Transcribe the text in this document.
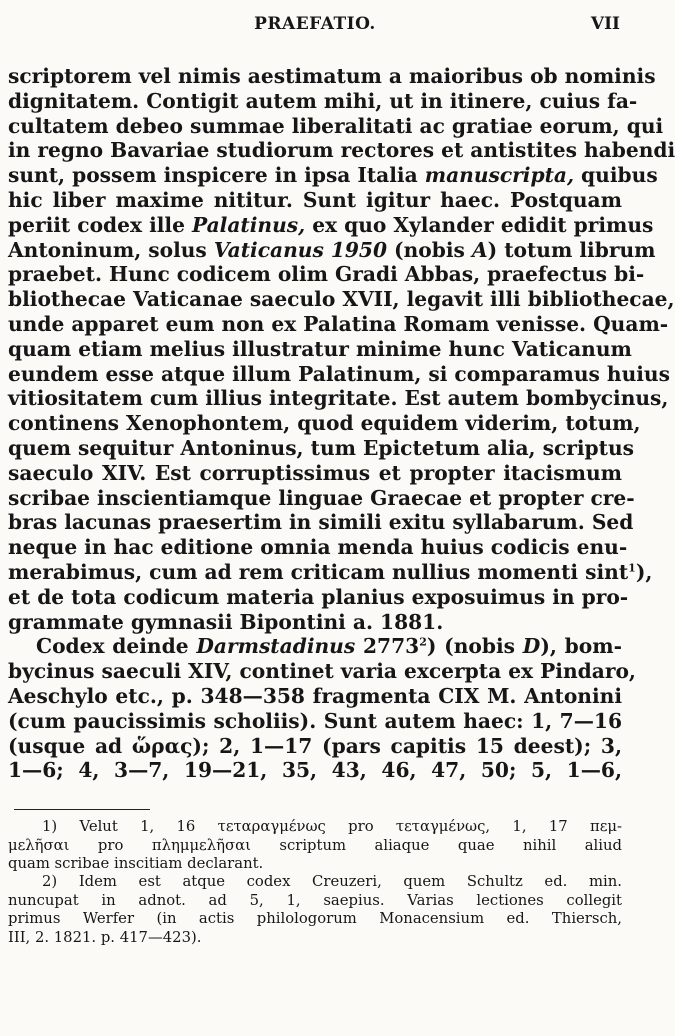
PRAEFATIO.	VII
scriptorem vel nimis aestimatum a maioribus ob nominis
dignitatem. Contigit autem mihi, ut in itinere, cuius fa-
cultatem debeo summae liberalitati ac gratiae eorum, qui
in regno Bavariae studiorum rectores et antistites habendi
sunt, possem inspicere in ipsa Italia manuscripta, quibus
hic liber maxime nititur. Sunt igitur haec. Postquam
periit codex ille Palatinus, ex quo Xylander edidit primus
Antoninum, solus Vaticanus 1950 (nobis A) totum librum
praebet. Hunc codicem olim Gradi Abbas, praefectus bi-
bliothecae Vaticanae saeculo XVII, legavit illi bibliothecae,
unde apparet eum non ex Palatina Romam venisse. Quam-
quam etiam melius illustratur minime hunc Vaticanum
eundem esse atque illum Palatinum, si comparamus huius
vitiositatem cum illius integritate. Est autem bombycinus,
continens Xenophontem, quod equidem viderim, totum,
quem sequitur Antoninus, tum Epictetum alia, scriptus
saeculo XIV. Est corruptissimus et propter itacismum
scribae inscientiamque linguae Graecae et propter cre-
bras lacunas praesertim in simili exitu syllabarum. Sed
neque in hac editione omnia menda huius codicis enu-
merabimus, cum ad rem criticam nullius momenti sint$^1$),
et de tota codicum materia planius exposuimus in pro-
grammate gymnasii Bipontini a. 1881.
Codex deinde Darmstadinus 2773$^2$) (nobis D), bom-
bycinus saeculi XIV, continet varia excerpta ex Pindaro,
Aeschylo etc., p. 348—358 fragmenta CIX M. Antonini
(cum paucissimis scholiis). Sunt autem haec: 1, 7—16
(usque ad ὥρας); 2, 1—17 (pars capitis 15 deest); 3,
1—6; 4, 3—7, 19—21, 35, 43, 46, 47, 50; 5, 1—6,
1) Velut 1, 16 τεταραγμένως pro τεταγμένως, 1, 17 πεμ-
μελῆσαι pro πλημμελῆσαι scriptum aliaque quae nihil aliud
quam scribae inscitiam declarant.
2) Idem est atque codex Creuzeri, quem Schultz ed. min.
nuncupat in adnot. ad 5, 1, saepius. Varias lectiones collegit
primus Werfer (in actis philologorum Monacensium ed. Thiersch,
III, 2. 1821. p. 417—423).
